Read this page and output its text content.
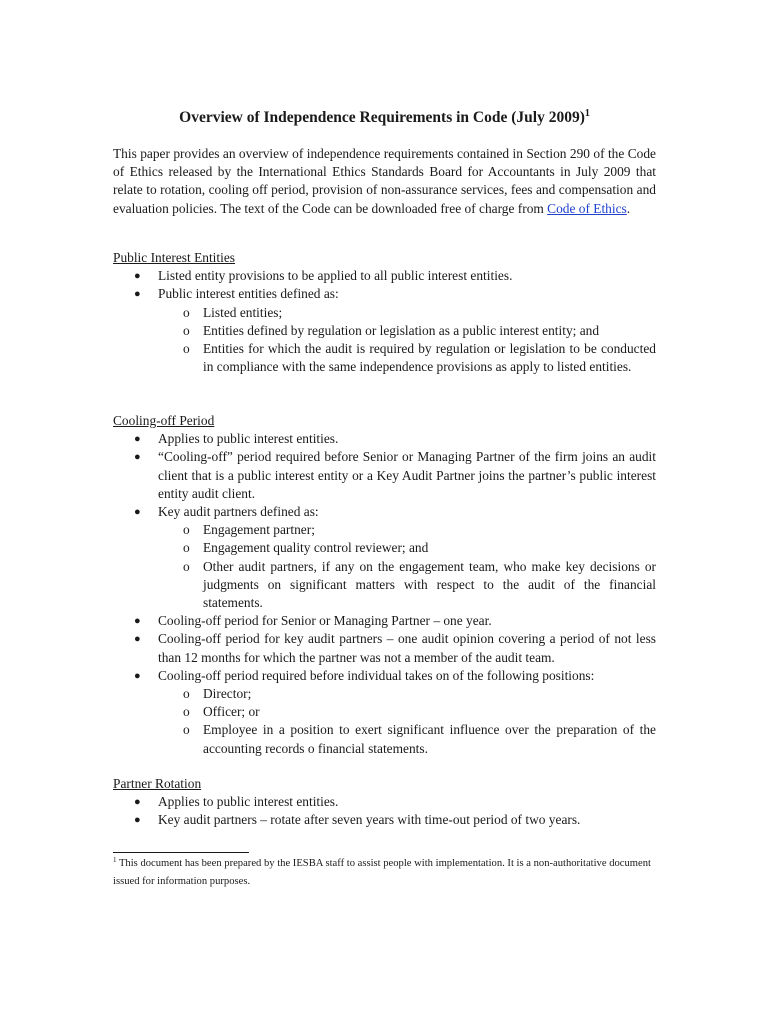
Overview of Independence Requirements in Code (July 2009)$^1$

This paper provides an overview of independence requirements contained in Section 290 of the Code of Ethics released by the International Ethics Standards Board for Accountants in July 2009 that relate to rotation, cooling off period, provision of non-assurance services, fees and compensation and evaluation policies. The text of the Code can be downloaded free of charge from Code of Ethics.

Public Interest Entities

● Listed entity provisions to be applied to all public interest entities.
● Public interest entities defined as:
o Listed entities;
o Entities defined by regulation or legislation as a public interest entity; and
o Entities for which the audit is required by regulation or legislation to be conducted in compliance with the same independence provisions as apply to listed entities.

Cooling-off Period

● Applies to public interest entities.
● “Cooling-off” period required before Senior or Managing Partner of the firm joins an audit client that is a public interest entity or a Key Audit Partner joins the partner’s public interest entity audit client.
● Key audit partners defined as:
o Engagement partner;
o Engagement quality control reviewer; and
o Other audit partners, if any on the engagement team, who make key decisions or judgments on significant matters with respect to the audit of the financial statements.
● Cooling-off period for Senior or Managing Partner – one year.
● Cooling-off period for key audit partners – one audit opinion covering a period of not less than 12 months for which the partner was not a member of the audit team.
● Cooling-off period required before individual takes on of the following positions:
o Director;
o Officer; or
o Employee in a position to exert significant influence over the preparation of the accounting records o financial statements.

Partner Rotation

● Applies to public interest entities.
● Key audit partners – rotate after seven years with time-out period of two years.

$^1$ This document has been prepared by the IESBA staff to assist people with implementation. It is a non-authoritative document issued for information purposes.
